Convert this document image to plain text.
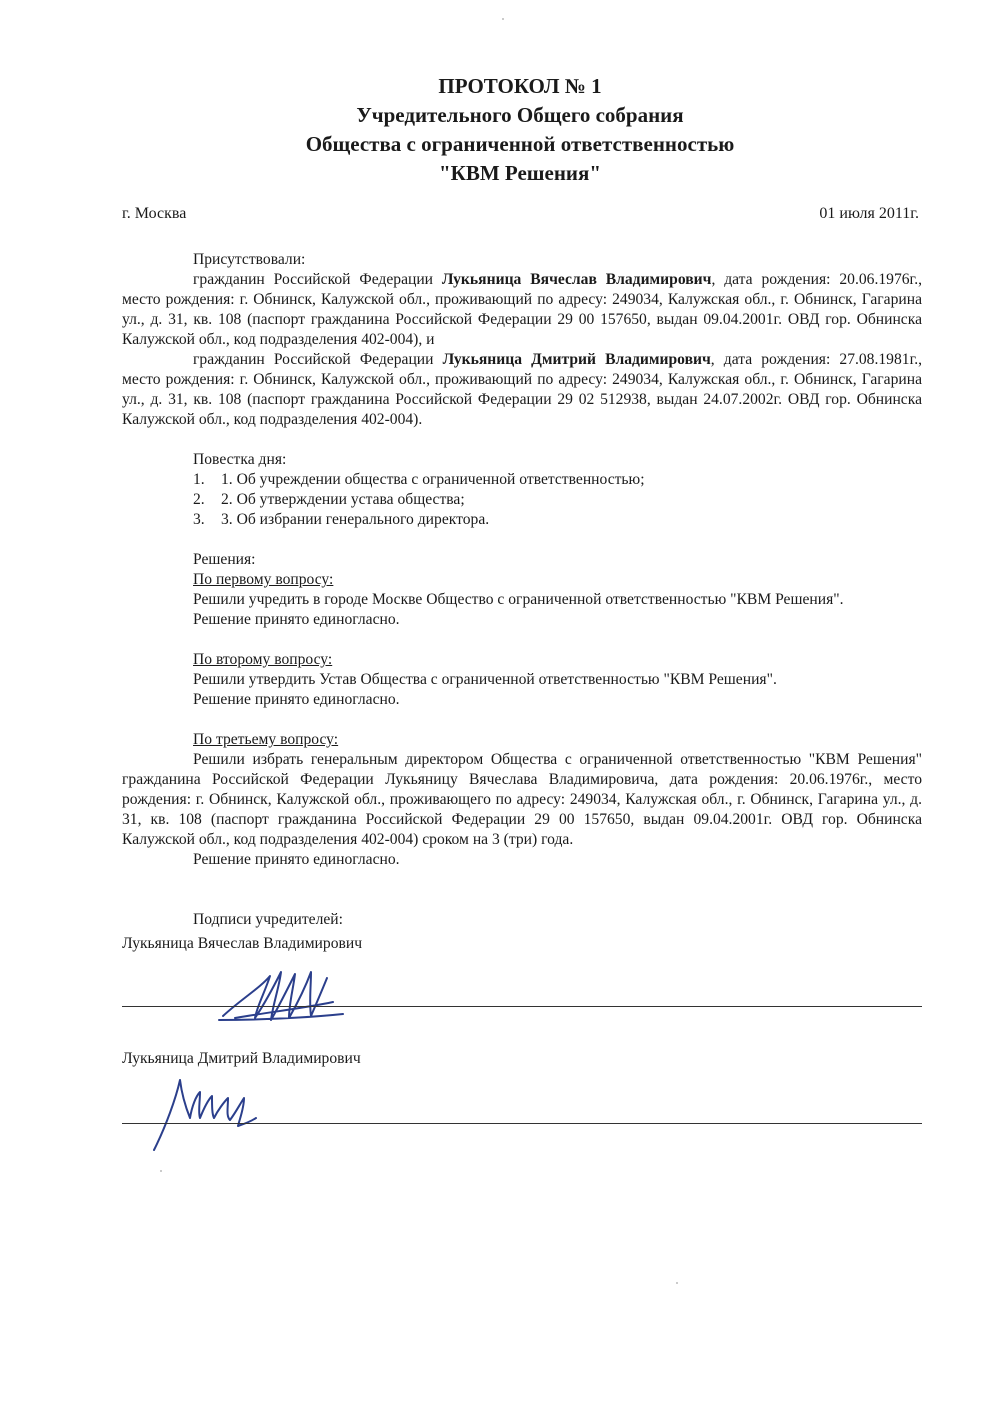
ПРОТОКОЛ № 1
Учредительного Общего собрания
Общества с ограниченной ответственностью
"КВМ Решения"
г. Москва	01 июля 2011г.
Присутствовали:

гражданин Российской Федерации Лукьяница Вячеслав Владимирович, дата рождения: 20.06.1976г., место рождения: г. Обнинск, Калужской обл., проживающий по адресу: 249034, Калужская обл., г. Обнинск, Гагарина ул., д. 31, кв. 108 (паспорт гражданина Российской Федерации 29 00 157650, выдан 09.04.2001г. ОВД гор. Обнинска Калужской обл., код подразделения 402-004), и

гражданин Российской Федерации Лукьяница Дмитрий Владимирович, дата рождения: 27.08.1981г., место рождения: г. Обнинск, Калужской обл., проживающий по адресу: 249034, Калужская обл., г. Обнинск, Гагарина ул., д. 31, кв. 108 (паспорт гражданина Российской Федерации 29 02 512938, выдан 24.07.2002г. ОВД гор. Обнинска Калужской обл., код подразделения 402-004).

Повестка дня:
1.	1. Об учреждении общества с ограниченной ответственностью;
2.	2. Об утверждении устава общества;
3.	3. Об избрании генерального директора.
Решения:
По первому вопросу:
Решили учредить в городе Москве Общество с ограниченной ответственностью "КВМ Решения".
Решение принято единогласно.
По второму вопросу:
Решили утвердить Устав Общества с ограниченной ответственностью "КВМ Решения".
Решение принято единогласно.
По третьему вопросу:

Решили избрать генеральным директором Общества с ограниченной ответственностью "КВМ Решения" гражданина Российской Федерации Лукьяницу Вячеслава Владимировича, дата рождения: 20.06.1976г., место рождения: г. Обнинск, Калужской обл., проживающего по адресу: 249034, Калужская обл., г. Обнинск, Гагарина ул., д. 31, кв. 108 (паспорт гражданина Российской Федерации 29 00 157650, выдан 09.04.2001г. ОВД гор. Обнинска Калужской обл., код подразделения 402-004) сроком на 3 (три) года.

Решение принято единогласно.
Подписи учредителей:
Лукьяница Вячеслав Владимирович
Лукьяница Дмитрий Владимирович
